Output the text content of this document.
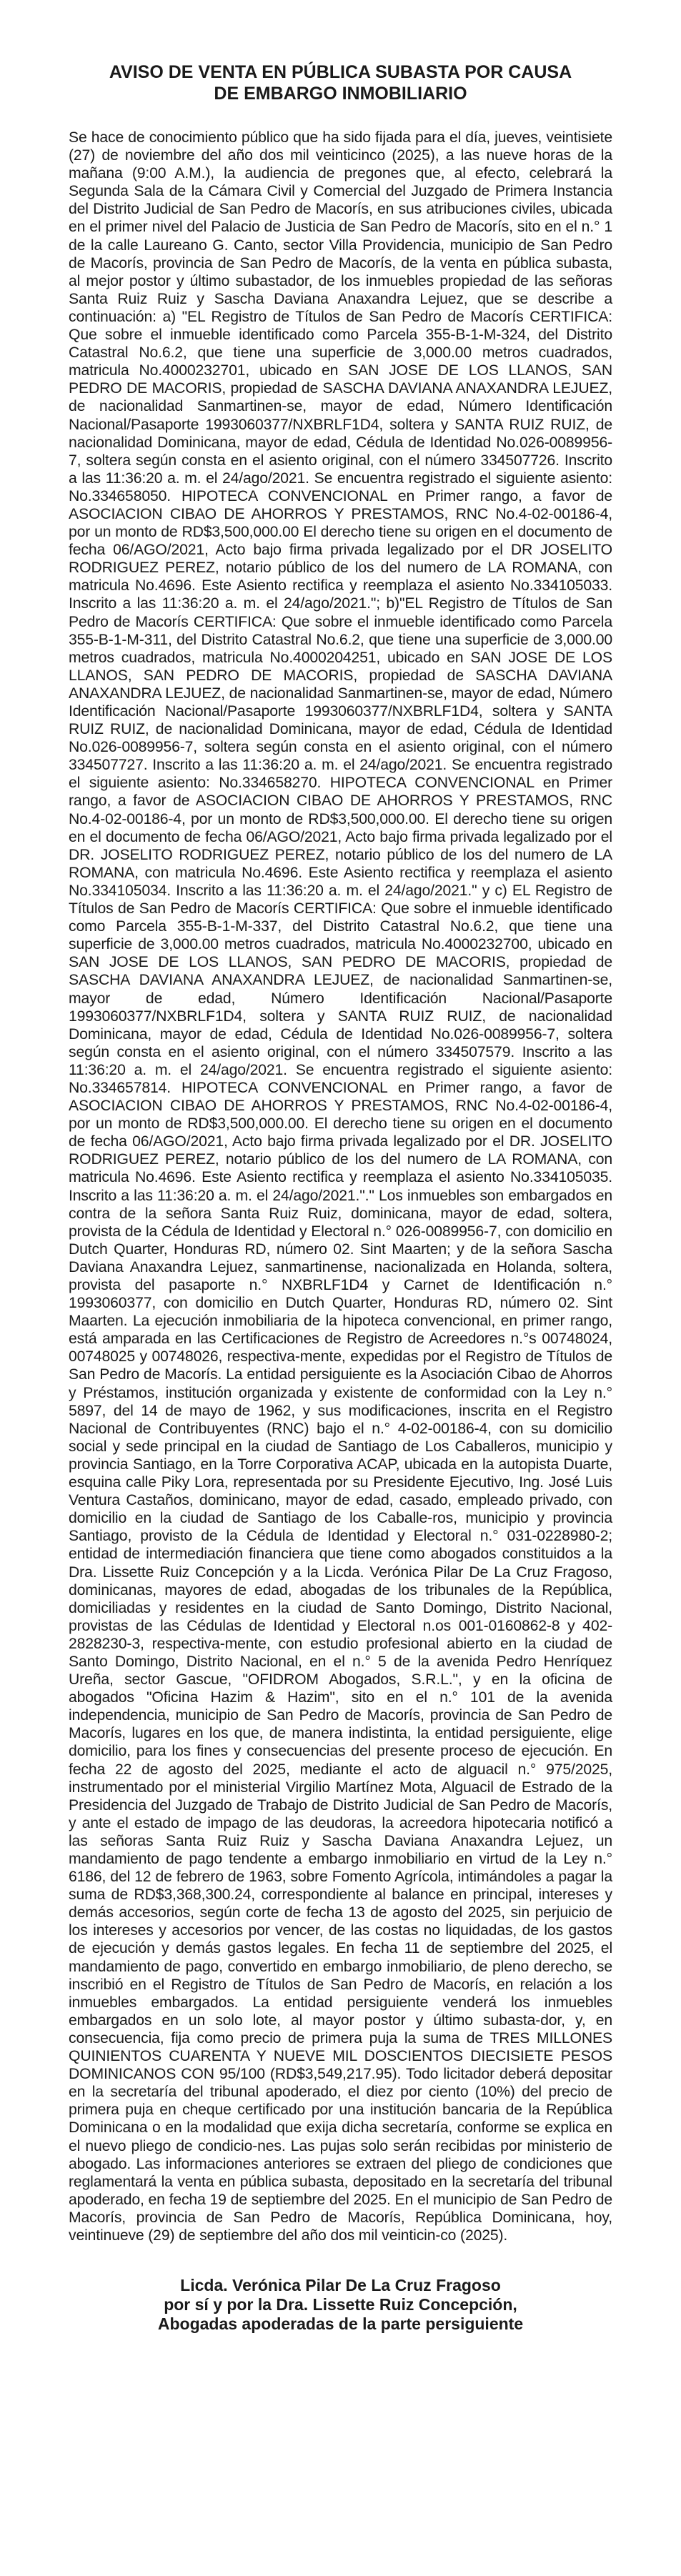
AVISO DE VENTA EN PÚBLICA SUBASTA POR CAUSA
DE EMBARGO INMOBILIARIO

Se hace de conocimiento público que ha sido fijada para el día, jueves, veintisiete (27) de noviembre del año dos mil veinticinco (2025), a las nueve horas de la mañana (9:00 A.M.), la audiencia de pregones que, al efecto, celebrará la Segunda Sala de la Cámara Civil y Comercial del Juzgado de Primera Instancia del Distrito Judicial de San Pedro de Macorís, en sus atribuciones civiles, ubicada en el primer nivel del Palacio de Justicia de San Pedro de Macorís, sito en el n.° 1 de la calle Laureano G. Canto, sector Villa Providencia, municipio de San Pedro de Macorís, provincia de San Pedro de Macorís, de la venta en pública subasta, al mejor postor y último subastador, de los inmuebles propiedad de las señoras Santa Ruiz Ruiz y Sascha Daviana Anaxandra Lejuez, que se describe a continuación: a) "EL Registro de Títulos de San Pedro de Macorís CERTIFICA: Que sobre el inmueble identificado como Parcela 355-B-1-M-324, del Distrito Catastral No.6.2, que tiene una superficie de 3,000.00 metros cuadrados, matricula No.4000232701, ubicado en SAN JOSE DE LOS LLANOS, SAN PEDRO DE MACORIS, propiedad de SASCHA DAVIANA ANAXANDRA LEJUEZ, de nacionalidad Sanmartinen-se, mayor de edad, Número Identificación Nacional/Pasaporte 1993060377/NXBRLF1D4, soltera y SANTA RUIZ RUIZ, de nacionalidad Dominicana, mayor de edad, Cédula de Identidad No.026-0089956-7, soltera según consta en el asiento original, con el número 334507726. Inscrito a las 11:36:20 a. m. el 24/ago/2021. Se encuentra registrado el siguiente asiento: No.334658050. HIPOTECA CONVENCIONAL en Primer rango, a favor de ASOCIACION CIBAO DE AHORROS Y PRESTAMOS, RNC No.4-02-00186-4, por un monto de RD$3,500,000.00 El derecho tiene su origen en el documento de fecha 06/AGO/2021, Acto bajo firma privada legalizado por el DR JOSELITO RODRIGUEZ PEREZ, notario público de los del numero de LA ROMANA, con matricula No.4696. Este Asiento rectifica y reemplaza el asiento No.334105033. Inscrito a las 11:36:20 a. m. el 24/ago/2021."; b)"EL Registro de Títulos de San Pedro de Macorís CERTIFICA: Que sobre el inmueble identificado como Parcela 355-B-1-M-311, del Distrito Catastral No.6.2, que tiene una superficie de 3,000.00 metros cuadrados, matricula No.4000204251, ubicado en SAN JOSE DE LOS LLANOS, SAN PEDRO DE MACORIS, propiedad de SASCHA DAVIANA ANAXANDRA LEJUEZ, de nacionalidad Sanmartinen-se, mayor de edad, Número Identificación Nacional/Pasaporte 1993060377/NXBRLF1D4, soltera y SANTA RUIZ RUIZ, de nacionalidad Dominicana, mayor de edad, Cédula de Identidad No.026-0089956-7, soltera según consta en el asiento original, con el número 334507727. Inscrito a las 11:36:20 a. m. el 24/ago/2021. Se encuentra registrado el siguiente asiento: No.334658270. HIPOTECA CONVENCIONAL en Primer rango, a favor de ASOCIACION CIBAO DE AHORROS Y PRESTAMOS, RNC No.4-02-00186-4, por un monto de RD$3,500,000.00. El derecho tiene su origen en el documento de fecha 06/AGO/2021, Acto bajo firma privada legalizado por el DR. JOSELITO RODRIGUEZ PEREZ, notario público de los del numero de LA ROMANA, con matricula No.4696. Este Asiento rectifica y reemplaza el asiento No.334105034. Inscrito a las 11:36:20 a. m. el 24/ago/2021." y c) EL Registro de Títulos de San Pedro de Macorís CERTIFICA: Que sobre el inmueble identificado como Parcela 355-B-1-M-337, del Distrito Catastral No.6.2, que tiene una superficie de 3,000.00 metros cuadrados, matricula No.4000232700, ubicado en SAN JOSE DE LOS LLANOS, SAN PEDRO DE MACORIS, propiedad de SASCHA DAVIANA ANAXANDRA LEJUEZ, de nacionalidad Sanmartinen-se, mayor de edad, Número Identificación Nacional/Pasaporte 1993060377/NXBRLF1D4, soltera y SANTA RUIZ RUIZ, de nacionalidad Dominicana, mayor de edad, Cédula de Identidad No.026-0089956-7, soltera según consta en el asiento original, con el número 334507579. Inscrito a las 11:36:20 a. m. el 24/ago/2021. Se encuentra registrado el siguiente asiento: No.334657814. HIPOTECA CONVENCIONAL en Primer rango, a favor de ASOCIACION CIBAO DE AHORROS Y PRESTAMOS, RNC No.4-02-00186-4, por un monto de RD$3,500,000.00. El derecho tiene su origen en el documento de fecha 06/AGO/2021, Acto bajo firma privada legalizado por el DR. JOSELITO RODRIGUEZ PEREZ, notario público de los del numero de LA ROMANA, con matricula No.4696. Este Asiento rectifica y reemplaza el asiento No.334105035. Inscrito a las 11:36:20 a. m. el 24/ago/2021."." Los inmuebles son embargados en contra de la señora Santa Ruiz Ruiz, dominicana, mayor de edad, soltera, provista de la Cédula de Identidad y Electoral n.° 026-0089956-7, con domicilio en Dutch Quarter, Honduras RD, número 02. Sint Maarten; y de la señora Sascha Daviana Anaxandra Lejuez, sanmartinense, nacionalizada en Holanda, soltera, provista del pasaporte n.° NXBRLF1D4 y Carnet de Identificación n.° 1993060377, con domicilio en Dutch Quarter, Honduras RD, número 02. Sint Maarten. La ejecución inmobiliaria de la hipoteca convencional, en primer rango, está amparada en las Certificaciones de Registro de Acreedores n.°s 00748024, 00748025 y 00748026, respectiva-mente, expedidas por el Registro de Títulos de San Pedro de Macorís. La entidad persiguiente es la Asociación Cibao de Ahorros y Préstamos, institución organizada y existente de conformidad con la Ley n.° 5897, del 14 de mayo de 1962, y sus modificaciones, inscrita en el Registro Nacional de Contribuyentes (RNC) bajo el n.° 4-02-00186-4, con su domicilio social y sede principal en la ciudad de Santiago de Los Caballeros, municipio y provincia Santiago, en la Torre Corporativa ACAP, ubicada en la autopista Duarte, esquina calle Piky Lora, representada por su Presidente Ejecutivo, Ing. José Luis Ventura Castaños, dominicano, mayor de edad, casado, empleado privado, con domicilio en la ciudad de Santiago de los Caballe-ros, municipio y provincia Santiago, provisto de la Cédula de Identidad y Electoral n.° 031-0228980-2; entidad de intermediación financiera que tiene como abogados constituidos a la Dra. Lissette Ruiz Concepción y a la Licda. Verónica Pilar De La Cruz Fragoso, dominicanas, mayores de edad, abogadas de los tribunales de la República, domiciliadas y residentes en la ciudad de Santo Domingo, Distrito Nacional, provistas de las Cédulas de Identidad y Electoral n.os 001-0160862-8 y 402-2828230-3, respectiva-mente, con estudio profesional abierto en la ciudad de Santo Domingo, Distrito Nacional, en el n.° 5 de la avenida Pedro Henríquez Ureña, sector Gascue, "OFIDROM Abogados, S.R.L.", y en la oficina de abogados "Oficina Hazim & Hazim", sito en el n.° 101 de la avenida independencia, municipio de San Pedro de Macorís, provincia de San Pedro de Macorís, lugares en los que, de manera indistinta, la entidad persiguiente, elige domicilio, para los fines y consecuencias del presente proceso de ejecución. En fecha 22 de agosto del 2025, mediante el acto de alguacil n.° 975/2025, instrumentado por el ministerial Virgilio Martínez Mota, Alguacil de Estrado de la Presidencia del Juzgado de Trabajo de Distrito Judicial de San Pedro de Macorís, y ante el estado de impago de las deudoras, la acreedora hipotecaria notificó a las señoras Santa Ruiz Ruiz y Sascha Daviana Anaxandra Lejuez, un mandamiento de pago tendente a embargo inmobiliario en virtud de la Ley n.° 6186, del 12 de febrero de 1963, sobre Fomento Agrícola, intimándoles a pagar la suma de RD$3,368,300.24, correspondiente al balance en principal, intereses y demás accesorios, según corte de fecha 13 de agosto del 2025, sin perjuicio de los intereses y accesorios por vencer, de las costas no liquidadas, de los gastos de ejecución y demás gastos legales. En fecha 11 de septiembre del 2025, el mandamiento de pago, convertido en embargo inmobiliario, de pleno derecho, se inscribió en el Registro de Títulos de San Pedro de Macorís, en relación a los inmuebles embargados. La entidad persiguiente venderá los inmuebles embargados en un solo lote, al mayor postor y último subasta-dor, y, en consecuencia, fija como precio de primera puja la suma de TRES MILLONES QUINIENTOS CUARENTA Y NUEVE MIL DOSCIENTOS DIECISIETE PESOS DOMINICANOS CON 95/100 (RD$3,549,217.95). Todo licitador deberá depositar en la secretaría del tribunal apoderado, el diez por ciento (10%) del precio de primera puja en cheque certificado por una institución bancaria de la República Dominicana o en la modalidad que exija dicha secretaría, conforme se explica en el nuevo pliego de condicio-nes. Las pujas solo serán recibidas por ministerio de abogado. Las informaciones anteriores se extraen del pliego de condiciones que reglamentará la venta en pública subasta, depositado en la secretaría del tribunal apoderado, en fecha 19 de septiembre del 2025. En el municipio de San Pedro de Macorís, provincia de San Pedro de Macorís, República Dominicana, hoy, veintinueve (29) de septiembre del año dos mil veinticin-co (2025).

Licda. Verónica Pilar De La Cruz Fragoso
por sí y por la Dra. Lissette Ruiz Concepción,
Abogadas apoderadas de la parte persiguiente
